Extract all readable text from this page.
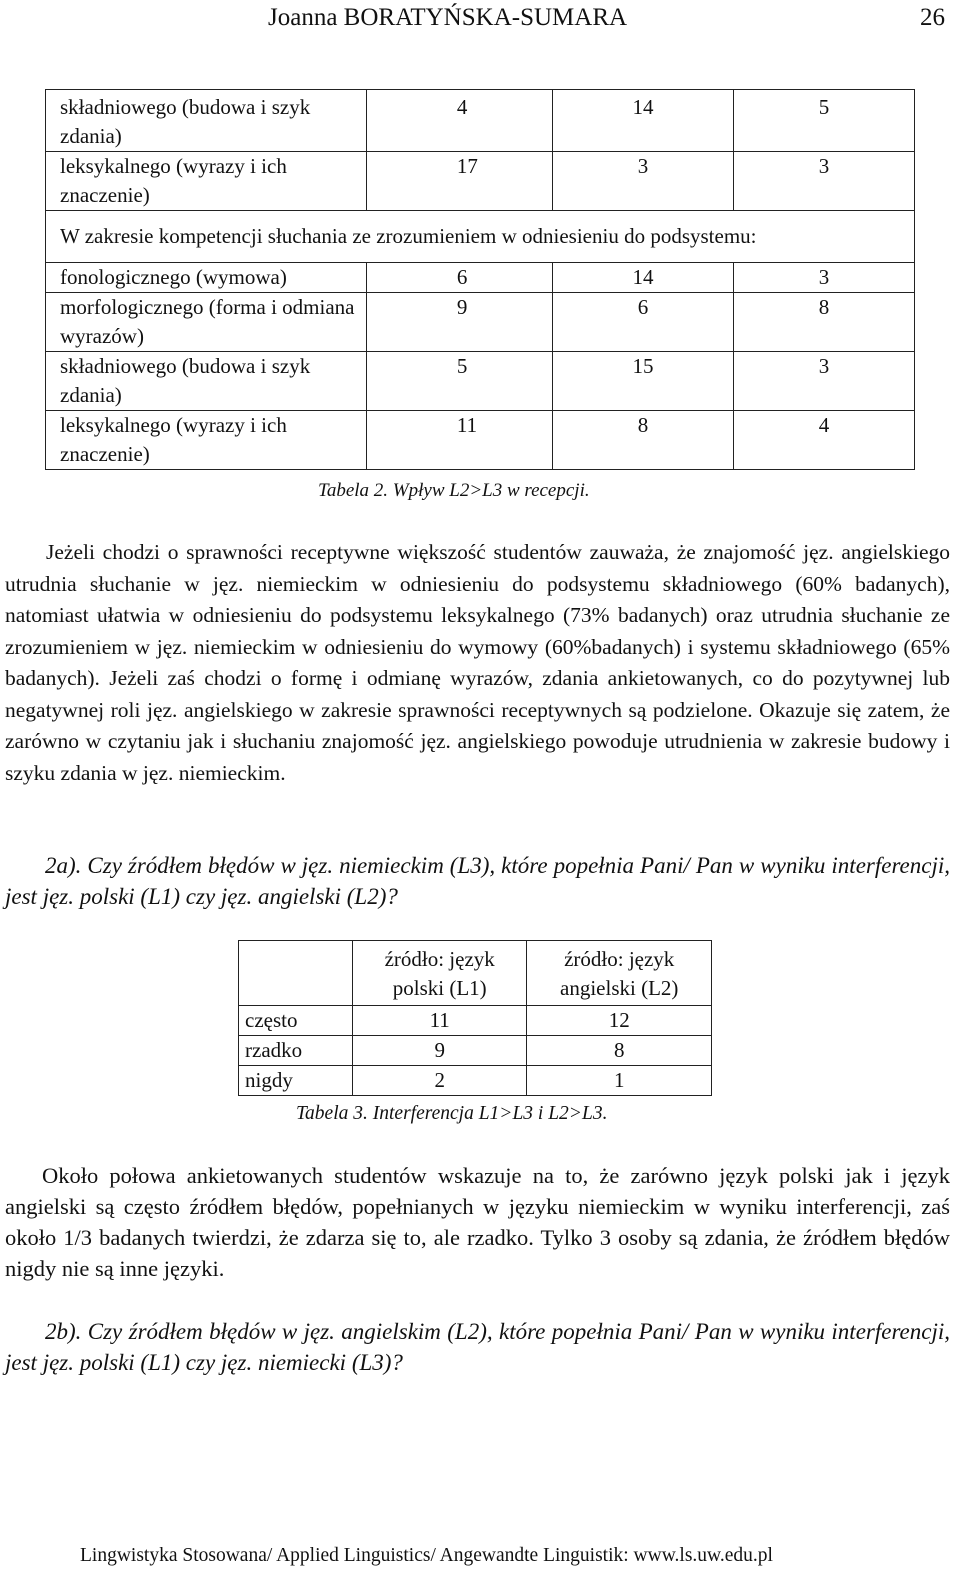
Joanna BORATYŃSKA-SUMARA	26
składniowego (budowa i szyk zdania)	4	14	5
leksykalnego (wyrazy i ich znaczenie)	17	3	3
W zakresie kompetencji słuchania ze zrozumieniem w odniesieniu do podsystemu:			
fonologicznego (wymowa)	6	14	3
morfologicznego (forma i odmiana wyrazów)	9	6	8
składniowego (budowa i szyk zdania)	5	15	3
leksykalnego (wyrazy i ich znaczenie)	11	8	4
Tabela 2. Wpływ L2>L3 w recepcji.

Jeżeli chodzi o sprawności receptywne większość studentów zauważa, że znajomość jęz. angielskiego utrudnia słuchanie w jęz. niemieckim w odniesieniu do podsystemu składniowego (60% badanych), natomiast ułatwia w odniesieniu do podsystemu leksykalnego (73% badanych) oraz utrudnia słuchanie ze zrozumieniem w jęz. niemieckim w odniesieniu do wymowy (60%badanych) i systemu składniowego (65% badanych). Jeżeli zaś chodzi o formę i odmianę wyrazów, zdania ankietowanych, co do pozytywnej lub negatywnej roli jęz. angielskiego w zakresie sprawności receptywnych są podzielone. Okazuje się zatem, że zarówno w czytaniu jak i słuchaniu znajomość jęz. angielskiego powoduje utrudnienia w zakresie budowy i szyku zdania w jęz. niemieckim.

2a). Czy źródłem błędów w jęz. niemieckim (L3), które popełnia Pani/ Pan w wyniku interferencji, jest jęz. polski (L1) czy jęz. angielski (L2)?

	źródło: język polski (L1)	źródło: język angielski (L2)
często	11	12
rzadko	9	8
nigdy	2	1
Tabela 3. Interferencja L1>L3 i L2>L3.

Około połowa ankietowanych studentów wskazuje na to, że zarówno język polski jak i język angielski są często źródłem błędów, popełnianych w języku niemieckim w wyniku interferencji, zaś około 1/3 badanych twierdzi, że zdarza się to, ale rzadko. Tylko 3 osoby są zdania, że źródłem błędów nigdy nie są inne języki.

2b). Czy źródłem błędów w jęz. angielskim (L2), które popełnia Pani/ Pan w wyniku interferencji, jest jęz. polski (L1) czy jęz. niemiecki (L3)?

Lingwistyka Stosowana/ Applied Linguistics/ Angewandte Linguistik: www.ls.uw.edu.pl
